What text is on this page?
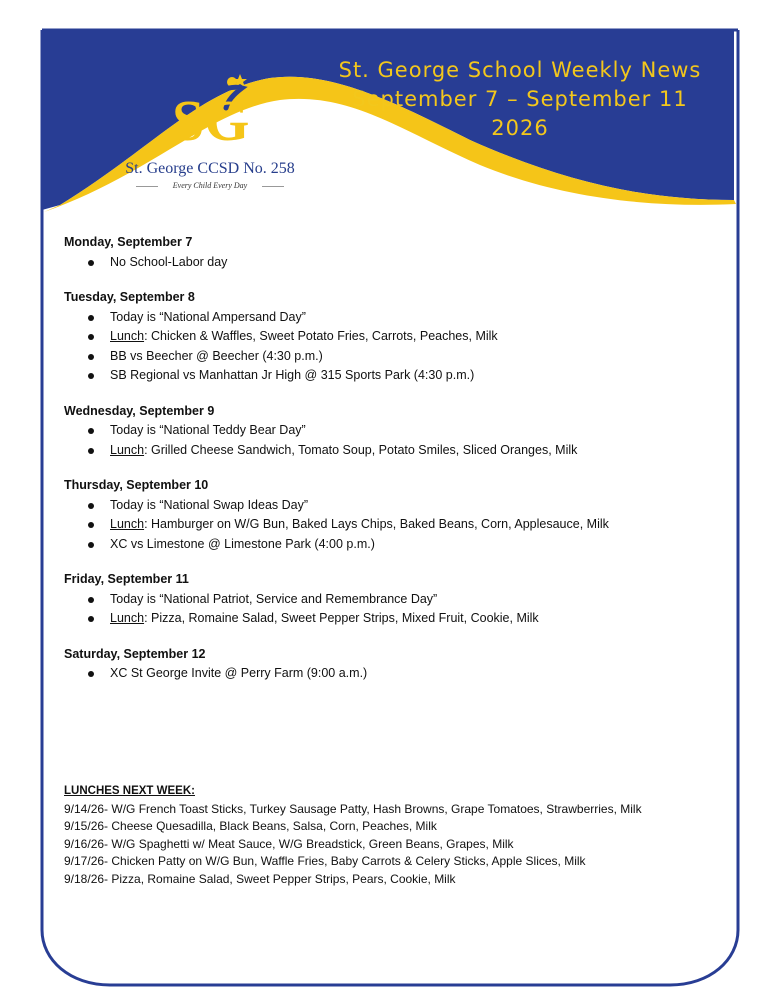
SG
St. George CCSD No. 258
Every Child Every Day
St. George School Weekly News
September 7 – September 11
2026
Monday, September 7
No School-Labor day
Tuesday, September 8
Today is “National Ampersand Day”
Lunch: Chicken & Waffles, Sweet Potato Fries, Carrots, Peaches, Milk
BB vs Beecher @ Beecher (4:30 p.m.)
SB Regional vs Manhattan Jr High @ 315 Sports Park (4:30 p.m.)
Wednesday, September 9
Today is “National Teddy Bear Day”
Lunch: Grilled Cheese Sandwich, Tomato Soup, Potato Smiles, Sliced Oranges, Milk
Thursday, September 10
Today is “National Swap Ideas Day”
Lunch: Hamburger on W/G Bun, Baked Lays Chips, Baked Beans, Corn, Applesauce, Milk
XC vs Limestone @ Limestone Park (4:00 p.m.)
Friday, September 11
Today is “National Patriot, Service and Remembrance Day”
Lunch: Pizza, Romaine Salad, Sweet Pepper Strips, Mixed Fruit, Cookie, Milk
Saturday, September 12
XC St George Invite @ Perry Farm (9:00 a.m.)
LUNCHES NEXT WEEK:
9/14/26- W/G French Toast Sticks, Turkey Sausage Patty, Hash Browns, Grape Tomatoes, Strawberries, Milk
9/15/26- Cheese Quesadilla, Black Beans, Salsa, Corn, Peaches, Milk
9/16/26- W/G Spaghetti w/ Meat Sauce, W/G Breadstick, Green Beans, Grapes, Milk
9/17/26- Chicken Patty on W/G Bun, Waffle Fries, Baby Carrots & Celery Sticks, Apple Slices, Milk
9/18/26- Pizza, Romaine Salad, Sweet Pepper Strips, Pears, Cookie, Milk
